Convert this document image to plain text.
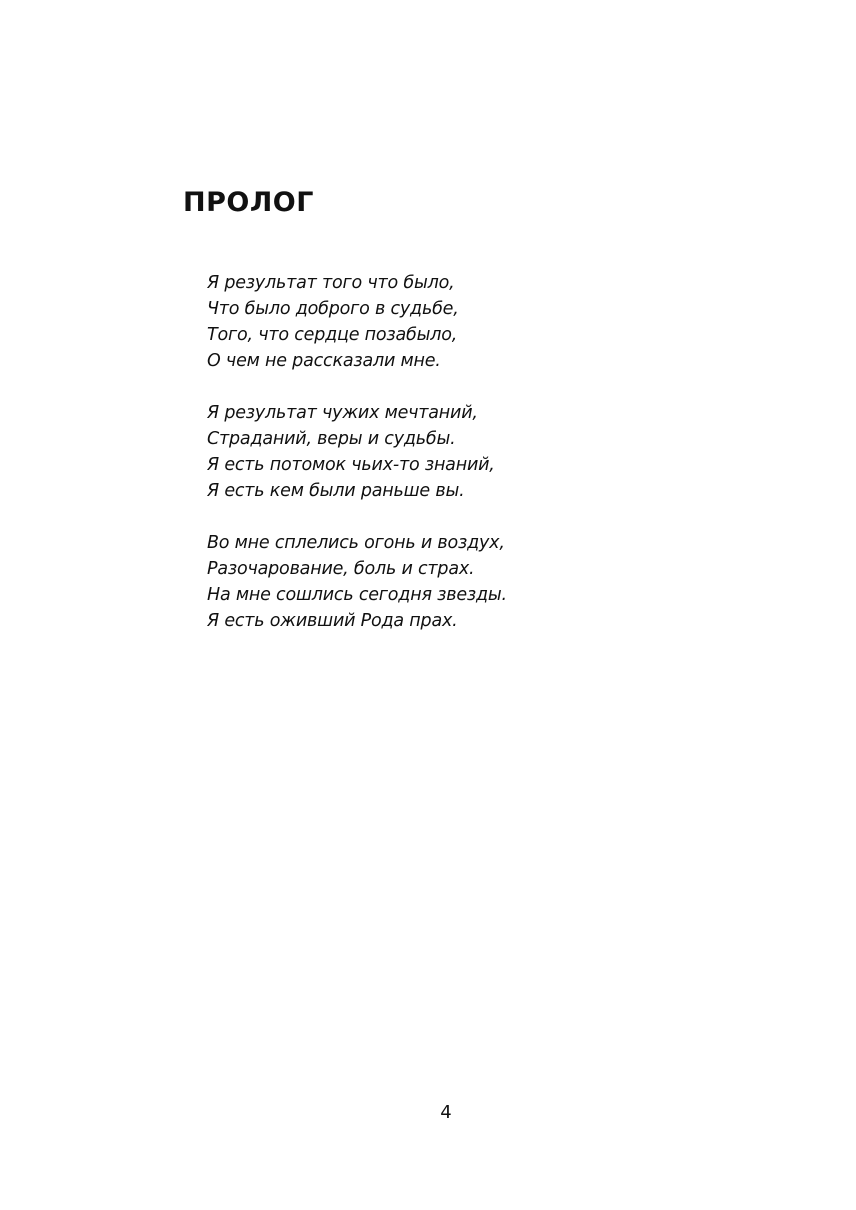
ПРОЛОГ
Я результат того что было,
Что было доброго в судьбе,
Того, что сердце позабыло,
О чем не рассказали мне.
Я результат чужих мечтаний,
Страданий, веры и судьбы.
Я есть потомок чьих-то знаний,
Я есть кем были раньше вы.
Во мне сплелись огонь и воздух,
Разочарование, боль и страх.
На мне сошлись сегодня звезды.
Я есть оживший Рода прах.
4
